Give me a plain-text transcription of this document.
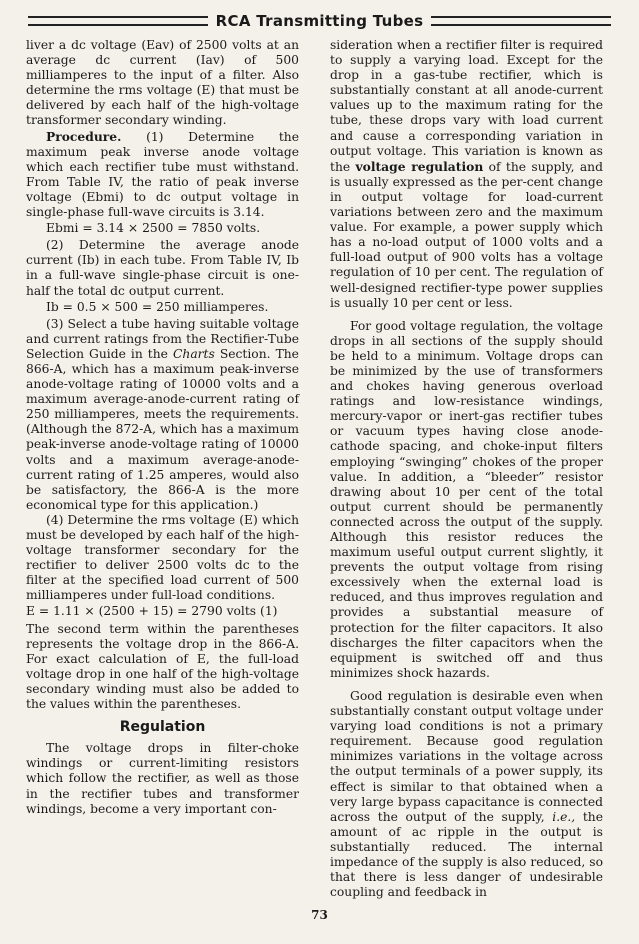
RCA Transmitting Tubes

liver a dc voltage (Eav) of 2500 volts at an average dc current (Iav) of 500 milliamperes to the input of a filter. Also determine the rms voltage (E) that must be delivered by each half of the high-voltage transformer secondary winding.

Procedure. (1) Determine the maximum peak inverse anode voltage which each rectifier tube must withstand. From Table IV, the ratio of peak inverse voltage (Ebmi) to dc output voltage in single-phase full-wave circuits is 3.14.

Ebmi = 3.14 × 2500 = 7850 volts.

(2) Determine the average anode current (Ib) in each tube. From Table IV, Ib in a full-wave single-phase circuit is one-half the total dc output current.

Ib = 0.5 × 500 = 250 milliamperes.

(3) Select a tube having suitable voltage and current ratings from the Rectifier-Tube Selection Guide in the Charts Section. The 866-A, which has a maximum peak-inverse anode-voltage rating of 10000 volts and a maximum average-anode-current rating of 250 milliamperes, meets the requirements. (Although the 872-A, which has a maximum peak-inverse anode-voltage rating of 10000 volts and a maximum average-anode-current rating of 1.25 amperes, would also be satisfactory, the 866-A is the more economical type for this application.)

(4) Determine the rms voltage (E) which must be developed by each half of the high-voltage transformer secondary for the rectifier to deliver 2500 volts dc to the filter at the specified load current of 500 milliamperes under full-load conditions.

E = 1.11 × (2500 + 15) = 2790 volts (1)

The second term within the parentheses represents the voltage drop in the 866-A. For exact calculation of E, the full-load voltage drop in one half of the high-voltage secondary winding must also be added to the values within the parentheses.

Regulation

The voltage drops in filter-choke windings or current-limiting resistors which follow the rectifier, as well as those in the rectifier tubes and transformer windings, become a very important con-

sideration when a rectifier filter is required to supply a varying load. Except for the drop in a gas-tube rectifier, which is substantially constant at all anode-current values up to the maximum rating for the tube, these drops vary with load current and cause a corresponding variation in output voltage. This variation is known as the voltage regulation of the supply, and is usually expressed as the per-cent change in output voltage for load-current variations between zero and the maximum value. For example, a power supply which has a no-load output of 1000 volts and a full-load output of 900 volts has a voltage regulation of 10 per cent. The regulation of well-designed rectifier-type power supplies is usually 10 per cent or less.

For good voltage regulation, the voltage drops in all sections of the supply should be held to a minimum. Voltage drops can be minimized by the use of transformers and chokes having generous overload ratings and low-resistance windings, mercury-vapor or inert-gas rectifier tubes or vacuum types having close anode-cathode spacing, and choke-input filters employing “swinging” chokes of the proper value. In addition, a “bleeder” resistor drawing about 10 per cent of the total output current should be permanently connected across the output of the supply. Although this resistor reduces the maximum useful output current slightly, it prevents the output voltage from rising excessively when the external load is reduced, and thus improves regulation and provides a substantial measure of protection for the filter capacitors. It also discharges the filter capacitors when the equipment is switched off and thus minimizes shock hazards.

Good regulation is desirable even when substantially constant output voltage under varying load conditions is not a primary requirement. Because good regulation minimizes variations in the voltage across the output terminals of a power supply, its effect is similar to that obtained when a very large bypass capacitance is connected across the output of the supply, i.e., the amount of ac ripple in the output is substantially reduced. The internal impedance of the supply is also reduced, so that there is less danger of undesirable coupling and feedback in

73
